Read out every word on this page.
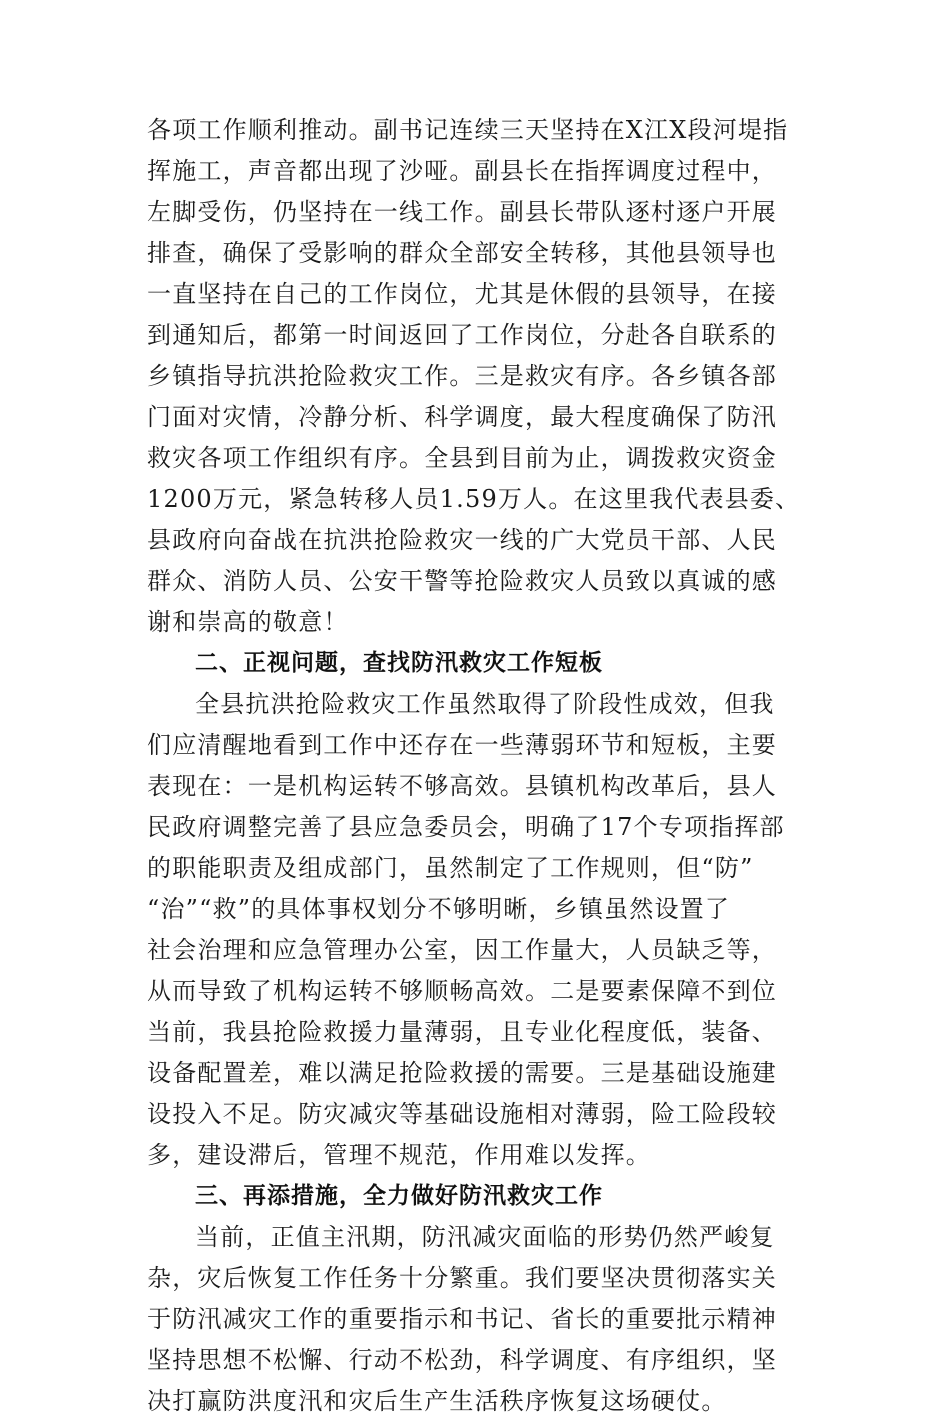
各项工作顺利推动。副书记连续三天坚持在X江X段河堤指
挥施工，声音都出现了沙哑。副县长在指挥调度过程中，
左脚受伤，仍坚持在一线工作。副县长带队逐村逐户开展
排查，确保了受影响的群众全部安全转移，其他县领导也
一直坚持在自己的工作岗位，尤其是休假的县领导，在接
到通知后，都第一时间返回了工作岗位，分赴各自联系的
乡镇指导抗洪抢险救灾工作。三是救灾有序。各乡镇各部
门面对灾情，冷静分析、科学调度，最大程度确保了防汛
救灾各项工作组织有序。全县到目前为止，调拨救灾资金
1200万元，紧急转移人员1.59万人。在这里我代表县委、
县政府向奋战在抗洪抢险救灾一线的广大党员干部、人民
群众、消防人员、公安干警等抢险救灾人员致以真诚的感
谢和崇高的敬意！
二、正视问题，查找防汛救灾工作短板
全县抗洪抢险救灾工作虽然取得了阶段性成效，但我
们应清醒地看到工作中还存在一些薄弱环节和短板，主要
表现在：一是机构运转不够高效。县镇机构改革后，县人
民政府调整完善了县应急委员会，明确了17个专项指挥部
的职能职责及组成部门，虽然制定了工作规则，但“防”
“治”“救”的具体事权划分不够明晰，乡镇虽然设置了
社会治理和应急管理办公室，因工作量大，人员缺乏等，
从而导致了机构运转不够顺畅高效。二是要素保障不到位
当前，我县抢险救援力量薄弱，且专业化程度低，装备、
设备配置差，难以满足抢险救援的需要。三是基础设施建
设投入不足。防灾减灾等基础设施相对薄弱，险工险段较
多，建设滞后，管理不规范，作用难以发挥。
三、再添措施，全力做好防汛救灾工作
当前，正值主汛期，防汛减灾面临的形势仍然严峻复
杂，灾后恢复工作任务十分繁重。我们要坚决贯彻落实关
于防汛减灾工作的重要指示和书记、省长的重要批示精神
坚持思想不松懈、行动不松劲，科学调度、有序组织，坚
决打赢防洪度汛和灾后生产生活秩序恢复这场硬仗。
